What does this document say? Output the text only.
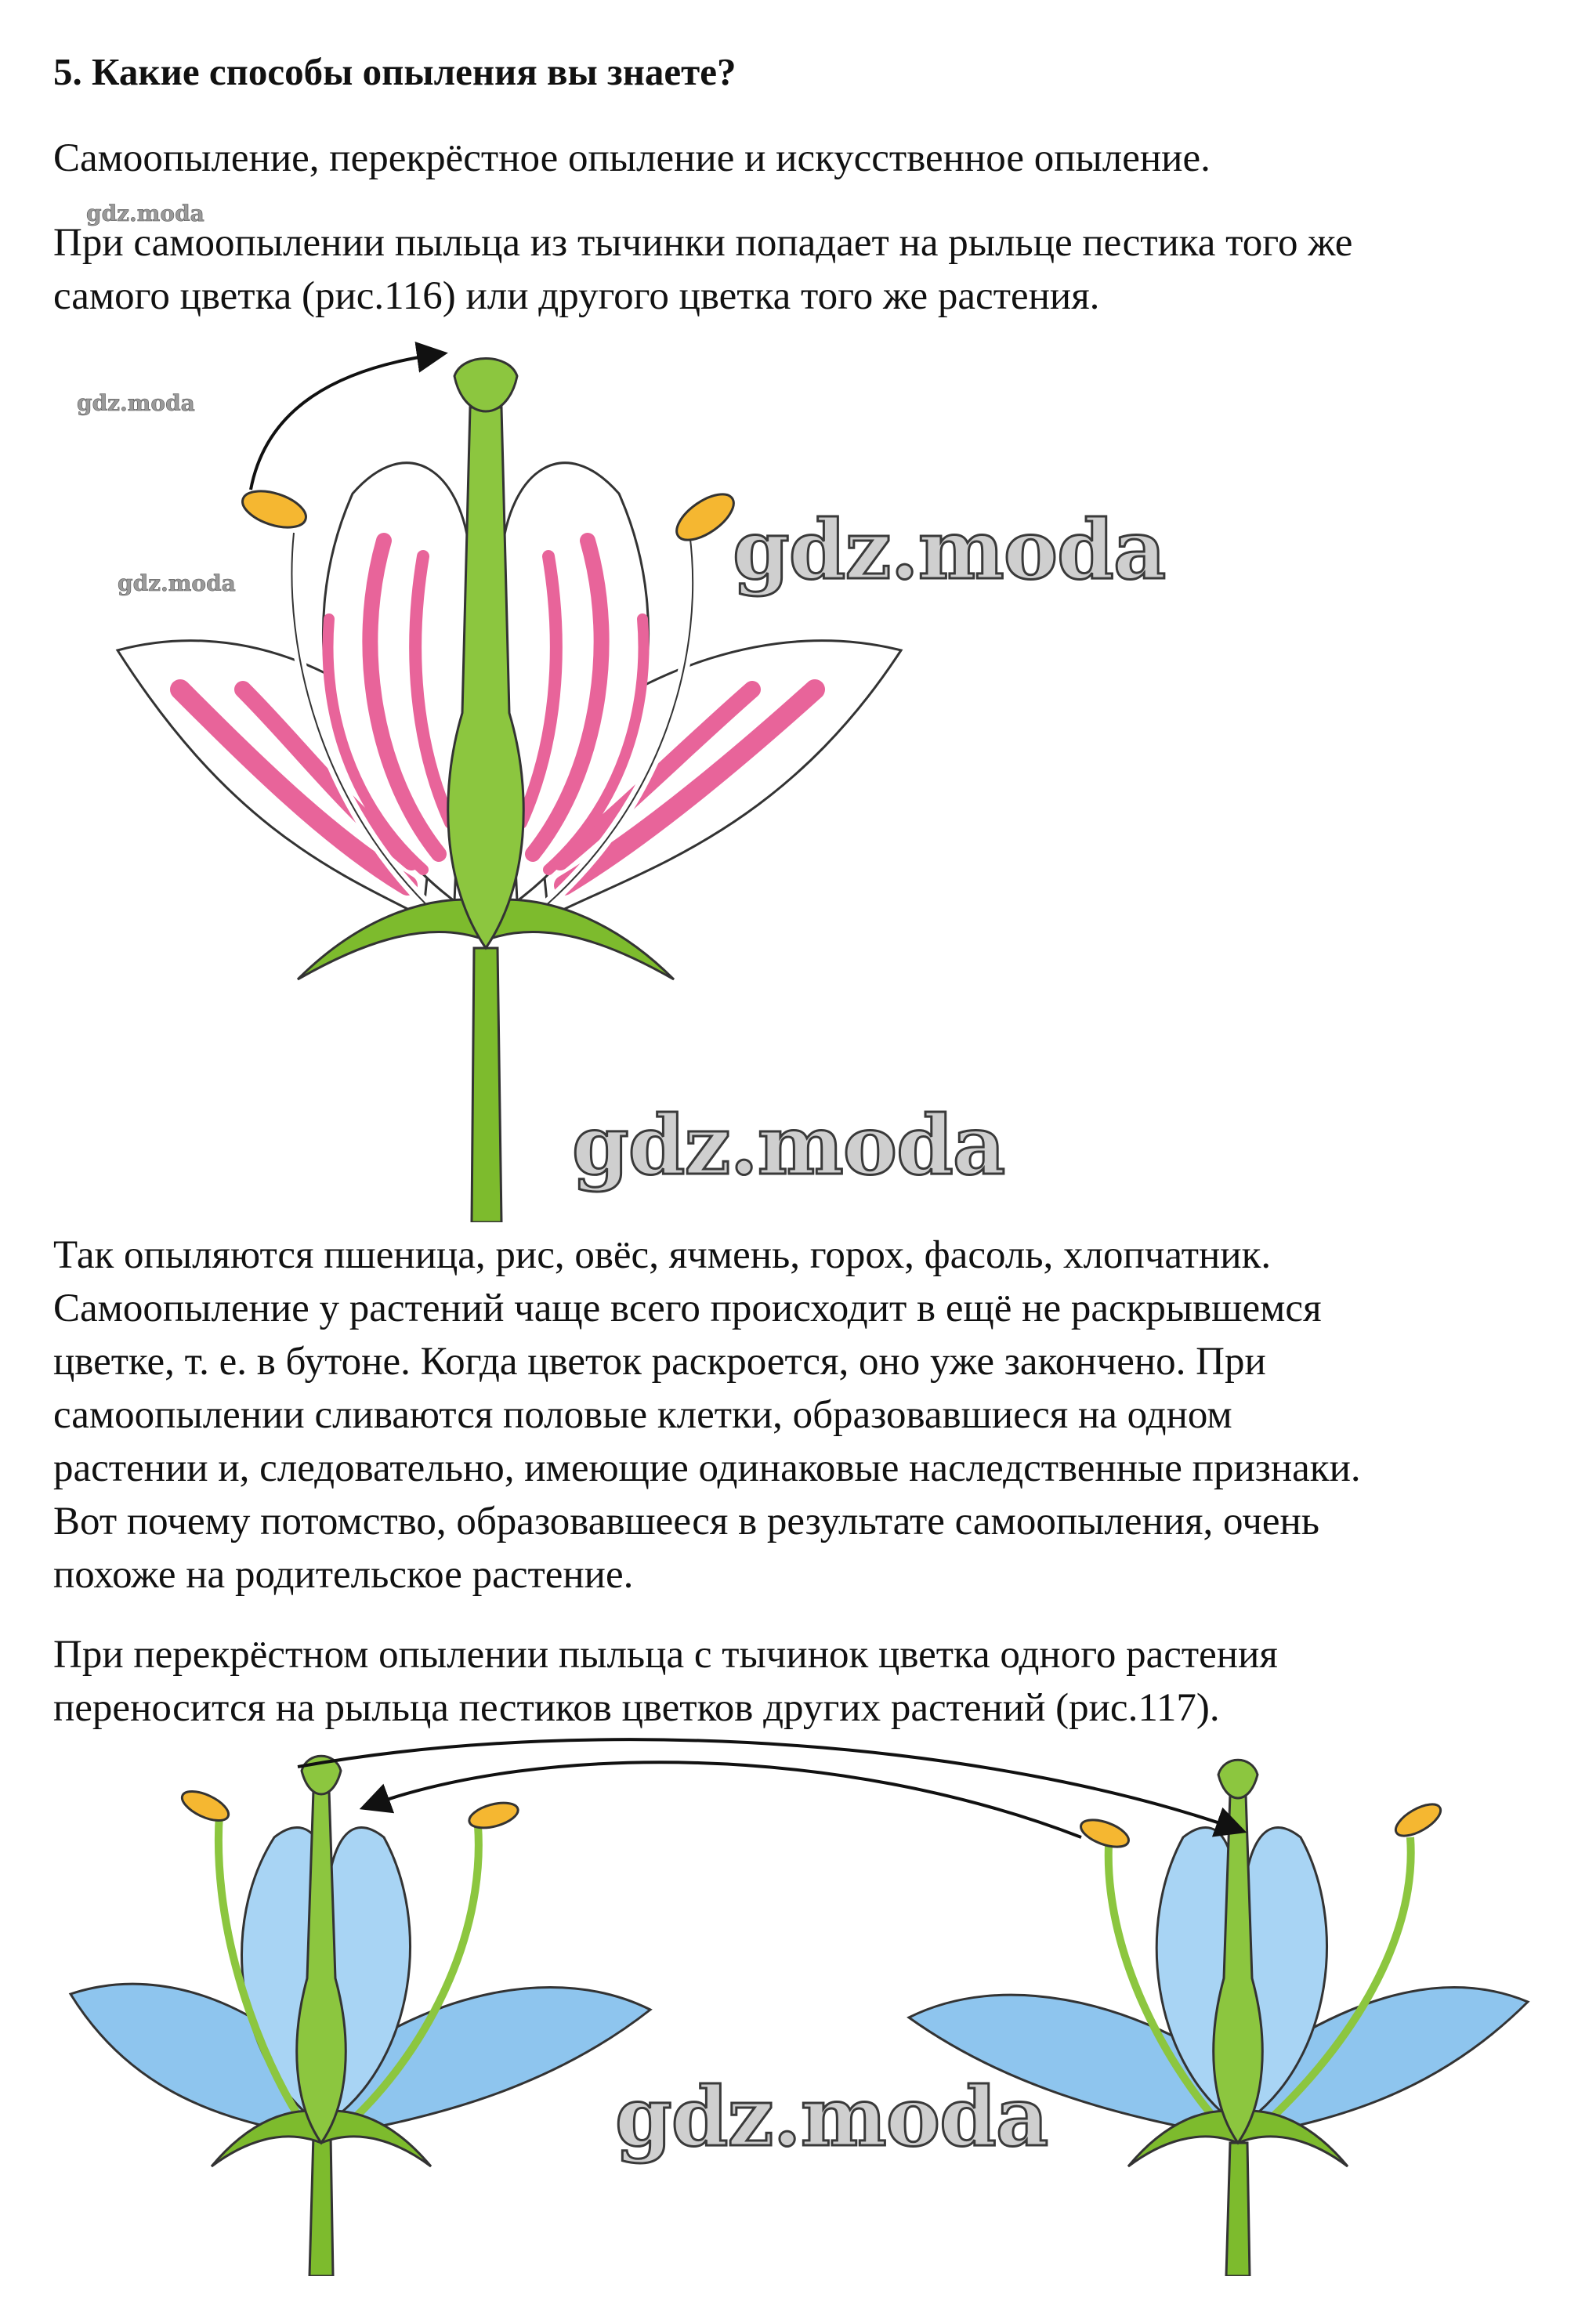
5. Какие способы опыления вы знаете?

Самоопыление, перекрёстное опыление и искусственное опыление.

При самоопылении пыльца из тычинки попадает на рыльце пестика того же
самого цветка (рис.116) или другого цветка того же растения.

Так опыляются пшеница, рис, овёс, ячмень, горох, фасоль, хлопчатник.
Самоопыление у растений чаще всего происходит в ещё не раскрывшемся
цветке, т. е. в бутоне. Когда цветок раскроется, оно уже закончено. При
самоопылении сливаются половые клетки, образовавшиеся на одном
растении и, следовательно, имеющие одинаковые наследственные признаки.
Вот почему потомство, образовавшееся в результате самоопыления, очень
похоже на родительское растение.

При перекрёстном опылении пыльца с тычинок цветка одного растения
переносится на рыльца пестиков цветков других растений (рис.117).

gdz.moda
gdz.moda
gdz.moda	gdz.moda
gdz.moda
gdz.moda
